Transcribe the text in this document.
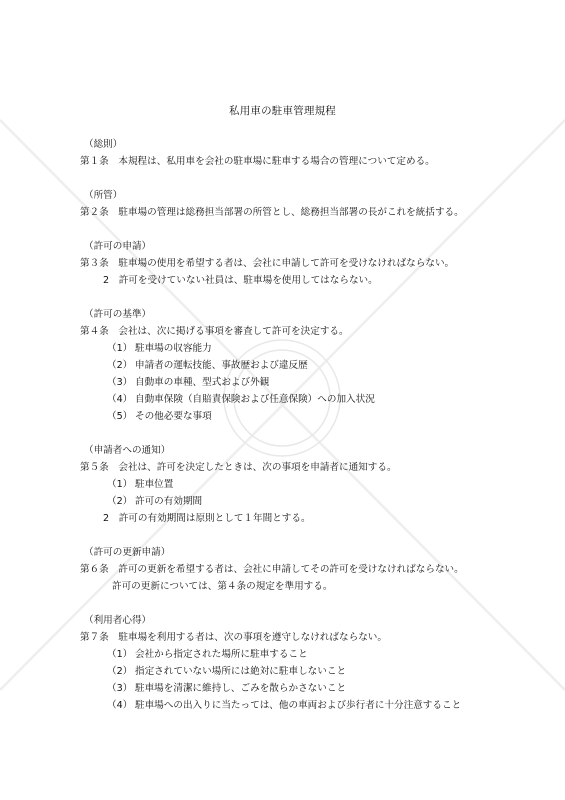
私用車の駐車管理規程
（総則）
第１条　本規程は、私用車を会社の駐車場に駐車する場合の管理について定める。
（所管）
第２条　駐車場の管理は総務担当部署の所管とし、総務担当部署の長がこれを統括する。
（許可の申請）
第３条　駐車場の使用を希望する者は、会社に申請して許可を受けなければならない。
2　許可を受けていない社員は、駐車場を使用してはならない。
（許可の基準）
第４条　会社は、次に掲げる事項を審査して許可を決定する。
（1） 駐車場の収容能力
（2） 申請者の運転技能、事故歴および違反歴
（3） 自動車の車種、型式および外観
（4） 自動車保険（自賠責保険および任意保険）への加入状況
（5） その他必要な事項
（申請者への通知）
第５条　会社は、許可を決定したときは、次の事項を申請者に通知する。
（1） 駐車位置
（2） 許可の有効期間
2　許可の有効期間は原則として１年間とする。
（許可の更新申請）
第６条　許可の更新を希望する者は、会社に申請してその許可を受けなければならない。
許可の更新については、第４条の規定を準用する。
（利用者心得）
第７条　駐車場を利用する者は、次の事項を遵守しなければならない。
（1） 会社から指定された場所に駐車すること
（2） 指定されていない場所には絶対に駐車しないこと
（3） 駐車場を清潔に維持し、ごみを散らかさないこと
（4） 駐車場への出入りに当たっては、他の車両および歩行者に十分注意すること
